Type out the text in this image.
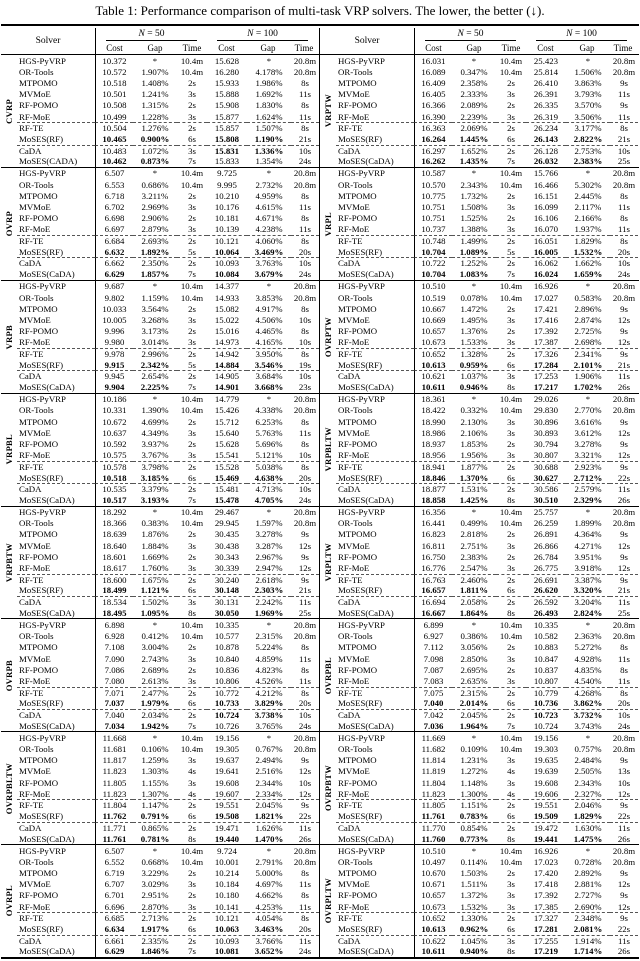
Table 1: Performance comparison of multi-task VRP solvers. The lower, the better (↓).
Solver
N = 50	N = 100
Cost	Gap	Time	Cost	Gap	Time
Solver
N = 50	N = 100
Cost	Gap	Time	Cost	Gap	Time
CVRP
HGS-PyVRP	10.372	*	10.4m	15.628	*	20.8m
OR-Tools	10.572	1.907%	10.4m	16.280	4.178%	20.8m
MTPOMO	10.518	1.408%	2s	15.933	1.986%	8s
MVMoE	10.501	1.241%	3s	15.888	1.692%	11s
RF-POMO	10.508	1.315%	2s	15.908	1.830%	8s
RF-MoE	10.499	1.228%	3s	15.877	1.624%	11s
RF-TE	10.504	1.276%	2s	15.857	1.507%	8s
MoSES(RF)	10.465	0.900%	6s	15.808	1.190%	21s
CaDA	10.483	1.072%	3s	15.831	1.336%	10s
MoSES(CADA)	10.462	0.873%	7s	15.833	1.354%	24s
VRPTW
HGS-PyVRP	16.031	*	10.4m	25.423	*	20.8m
OR-Tools	16.089	0.347%	10.4m	25.814	1.506%	20.8m
MTPOMO	16.409	2.358%	2s	26.410	3.863%	9s
MVMoE	16.405	2.333%	3s	26.391	3.793%	11s
RF-POMO	16.366	2.089%	2s	26.335	3.570%	9s
RF-MoE	16.390	2.239%	3s	26.319	3.506%	11s
RF-TE	16.363	2.069%	2s	26.234	3.177%	8s
MoSES(RF)	16.264	1.445%	6s	26.143	2.822%	21s
CaDA	16.297	1.652%	2s	26.128	2.753%	10s
MoSES(CaDA)	16.262	1.435%	7s	26.032	2.383%	25s
OVRP
HGS-PyVRP	6.507	*	10.4m	9.725	*	20.8m
OR-Tools	6.553	0.686%	10.4m	9.995	2.732%	20.8m
MTPOMO	6.718	3.211%	2s	10.210	4.959%	8s
MVMoE	6.702	2.969%	3s	10.176	4.615%	11s
RF-POMO	6.698	2.906%	2s	10.181	4.671%	8s
RF-MoE	6.697	2.879%	3s	10.139	4.238%	11s
RF-TE	6.684	2.693%	2s	10.121	4.060%	8s
MoSES(RF)	6.632	1.892%	5s	10.064	3.469%	20s
CaDA	6.662	2.350%	2s	10.093	3.763%	10s
MoSES(CaDA)	6.629	1.857%	7s	10.084	3.679%	24s
VRPL
HGS-PyVRP	10.587	*	10.4m	15.766	*	20.8m
OR-Tools	10.570	2.343%	10.4m	16.466	5.302%	20.8m
MTPOMO	10.775	1.732%	2s	16.151	2.445%	8s
MVMoE	10.751	1.508%	3s	16.099	2.117%	11s
RF-POMO	10.751	1.525%	2s	16.106	2.166%	8s
RF-MoE	10.737	1.388%	3s	16.070	1.937%	11s
RF-TE	10.748	1.499%	2s	16.051	1.829%	8s
MoSES(RF)	10.704	1.089%	5s	16.005	1.532%	20s
CaDA	10.722	1.252%	2s	16.062	1.662%	10s
MoSES(CaDA)	10.704	1.083%	7s	16.024	1.659%	24s
VRPB
HGS-PyVRP	9.687	*	10.4m	14.377	*	20.8m
OR-Tools	9.802	1.159%	10.4m	14.933	3.853%	20.8m
MTPOMO	10.033	3.564%	2s	15.082	4.917%	8s
MVMoE	10.005	3.268%	3s	15.022	4.506%	10s
RF-POMO	9.996	3.173%	2s	15.016	4.465%	8s
RF-MoE	9.980	3.014%	3s	14.973	4.165%	10s
RF-TE	9.978	2.996%	2s	14.942	3.950%	8s
MoSES(RF)	9.915	2.342%	5s	14.884	3.546%	19s
CaDA	9.945	2.654%	2s	14.905	3.684%	10s
MoSES(CaDA)	9.904	2.225%	7s	14.901	3.668%	23s
OVRPTW
HGS-PyVRP	10.510	*	10.4m	16.926	*	20.8m
OR-Tools	10.519	0.078%	10.4m	17.027	0.583%	20.8m
MTPOMO	10.667	1.472%	2s	17.421	2.896%	9s
MVMoE	10.669	1.495%	3s	17.416	2.874%	12s
RF-POMO	10.657	1.376%	2s	17.392	2.725%	9s
RF-MoE	10.673	1.533%	3s	17.387	2.698%	12s
RF-TE	10.652	1.328%	2s	17.326	2.341%	9s
MoSES(RF)	10.613	0.959%	6s	17.284	2.101%	21s
CaDA	10.621	1.037%	3s	17.253	1.906%	11s
MoSES(CaDA)	10.611	0.946%	8s	17.217	1.702%	26s
VRPBL
HGS-PyVRP	10.186	*	10.4m	14.779	*	20.8m
OR-Tools	10.331	1.390%	10.4m	15.426	4.338%	20.8m
MTPOMO	10.672	4.699%	2s	15.712	6.253%	8s
MVMoE	10.637	4.349%	3s	15.640	5.763%	11s
RF-POMO	10.592	3.937%	2s	15.628	5.696%	8s
RF-MoE	10.575	3.767%	3s	15.541	5.121%	10s
RF-TE	10.578	3.798%	2s	15.528	5.038%	8s
MoSES(RF)	10.518	3.185%	6s	15.469	4.638%	20s
CaDA	10.535	3.379%	2s	15.481	4.713%	10s
MoSES(CaDA)	10.517	3.193%	7s	15.478	4.705%	24s
VRPBLTW
HGS-PyVRP	18.361	*	10.4m	29.026	*	20.8m
OR-Tools	18.422	0.332%	10.4m	29.830	2.770%	20.8m
MTPOMO	18.990	2.130%	3s	30.896	3.616%	9s
MVMoE	18.986	2.106%	3s	30.893	3.612%	12s
RF-POMO	18.937	1.853%	2s	30.794	3.278%	9s
RF-MoE	18.956	1.956%	3s	30.807	3.321%	12s
RF-TE	18.941	1.877%	2s	30.688	2.923%	9s
MoSES(RF)	18.846	1.370%	6s	30.627	2.712%	22s
CaDA	18.877	1.531%	2s	30.586	2.579%	11s
MoSES(CaDA)	18.858	1.425%	8s	30.510	2.329%	26s
VRPBTW
HGS-PyVRP	18.292	*	10.4m	29.467	*	20.8m
OR-Tools	18.366	0.383%	10.4m	29.945	1.597%	20.8m
MTPOMO	18.639	1.876%	2s	30.435	3.278%	9s
MVMoE	18.640	1.884%	3s	30.438	3.287%	12s
RF-POMO	18.601	1.669%	2s	30.343	2.967%	9s
RF-MoE	18.617	1.760%	3s	30.339	2.947%	12s
RF-TE	18.600	1.675%	2s	30.240	2.618%	9s
MoSES(RF)	18.499	1.121%	6s	30.148	2.303%	21s
CaDA	18.534	1.502%	3s	30.131	2.242%	11s
MoSES(CaDA)	18.495	1.095%	8s	30.050	1.969%	25s
VRPLTW
HGS-PyVRP	16.356	*	10.4m	25.757	*	20.8m
OR-Tools	16.441	0.499%	10.4m	26.259	1.899%	20.8m
MTPOMO	16.823	2.818%	2s	26.891	4.364%	9s
MVMoE	16.811	2.751%	3s	26.866	4.271%	12s
RF-POMO	16.750	2.383%	2s	26.784	3.951%	9s
RF-MoE	16.776	2.547%	3s	26.775	3.918%	12s
RF-TE	16.763	2.460%	2s	26.691	3.387%	9s
MoSES(RF)	16.657	1.811%	6s	26.620	3.320%	21s
CaDA	16.694	2.058%	2s	26.592	3.204%	11s
MoSES(CaDA)	16.667	1.864%	8s	26.493	2.824%	25s
OVRPB
HGS-PyVRP	6.898	*	10.4m	10.335	*	20.8m
OR-Tools	6.928	0.412%	10.4m	10.577	2.315%	20.8m
MTPOMO	7.108	3.004%	2s	10.878	5.224%	8s
MVMoE	7.090	2.743%	3s	10.840	4.859%	11s
RF-POMO	7.086	2.689%	2s	10.836	4.823%	8s
RF-MoE	7.080	2.613%	3s	10.806	4.526%	11s
RF-TE	7.071	2.477%	2s	10.772	4.212%	8s
MoSES(RF)	7.037	1.979%	6s	10.733	3.829%	20s
CaDA	7.040	2.034%	2s	10.724	3.738%	10s
MoSES(CaDA)	7.034	1.942%	7s	10.726	3.765%	24s
OVRPBL
HGS-PyVRP	6.899	*	10.4m	10.335	*	20.8m
OR-Tools	6.927	0.386%	10.4m	10.582	2.363%	20.8m
MTPOMO	7.112	3.056%	2s	10.883	5.272%	8s
MVMoE	7.098	2.850%	3s	10.847	4.928%	11s
RF-POMO	7.087	2.695%	2s	10.837	4.835%	8s
RF-MoE	7.083	2.635%	3s	10.807	4.540%	11s
RF-TE	7.075	2.315%	2s	10.779	4.268%	8s
MoSES(RF)	7.040	2.014%	6s	10.736	3.862%	20s
CaDA	7.042	2.045%	2s	10.723	3.732%	10s
MoSES(CaDA)	7.036	1.964%	7s	10.724	3.743%	24s
OVRPBLTW
HGS-PyVRP	11.668	*	10.4m	19.156	*	20.8m
OR-Tools	11.681	0.106%	10.4m	19.305	0.767%	20.8m
MTPOMO	11.817	1.259%	3s	19.637	2.494%	9s
MVMoE	11.823	1.303%	4s	19.641	2.516%	12s
RF-POMO	11.805	1.155%	3s	19.608	2.344%	10s
RF-MoE	11.823	1.307%	4s	19.607	2.334%	12s
RF-TE	11.804	1.147%	2s	19.551	2.045%	9s
MoSES(RF)	11.762	0.791%	6s	19.508	1.821%	22s
CaDA	11.771	0.865%	2s	19.471	1.626%	11s
MoSES(CaDA)	11.761	0.781%	8s	19.440	1.470%	26s
OVRPBTW
HGS-PyVRP	11.669	*	10.4m	19.156	*	20.8m
OR-Tools	11.682	0.109%	10.4m	19.303	0.757%	20.8m
MTPOMO	11.814	1.231%	3s	19.635	2.484%	9s
MVMoE	11.819	1.272%	4s	19.639	2.505%	13s
RF-POMO	11.804	1.148%	3s	19.608	2.343%	10s
RF-MoE	11.823	1.300%	4s	19.606	2.327%	12s
RF-TE	11.805	1.151%	2s	19.551	2.046%	9s
MoSES(RF)	11.761	0.783%	6s	19.509	1.829%	22s
CaDA	11.770	0.854%	2s	19.472	1.630%	11s
MoSES(CaDA)	11.760	0.773%	8s	19.441	1.475%	26s
OVRPL
HGS-PyVRP	6.507	*	10.4m	9.724	*	20.8m
OR-Tools	6.552	0.668%	10.4m	10.001	2.791%	20.8m
MTPOMO	6.719	3.229%	2s	10.214	5.000%	8s
MVMoE	6.707	3.029%	3s	10.184	4.697%	11s
RF-POMO	6.701	2.951%	2s	10.180	4.662%	8s
RF-MoE	6.696	2.870%	3s	10.141	4.253%	11s
RF-TE	6.685	2.713%	2s	10.121	4.054%	8s
MoSES(RF)	6.634	1.917%	6s	10.063	3.463%	20s
CaDA	6.661	2.335%	2s	10.093	3.766%	11s
MoSES(CaDA)	6.629	1.846%	7s	10.081	3.652%	24s
OVRPLTW
HGS-PyVRP	10.510	*	10.4m	16.926	*	20.8m
OR-Tools	10.497	0.114%	10.4m	17.023	0.728%	20.8m
MTPOMO	10.670	1.503%	2s	17.420	2.892%	9s
MVMoE	10.671	1.511%	3s	17.418	2.881%	12s
RF-POMO	10.657	1.372%	3s	17.392	2.727%	9s
RF-MoE	10.673	1.532%	3s	17.385	2.690%	12s
RF-TE	10.652	1.330%	2s	17.327	2.348%	9s
MoSES(RF)	10.613	0.962%	6s	17.281	2.081%	22s
CaDA	10.622	1.045%	3s	17.255	1.914%	11s
MoSES(CaDA)	10.611	0.940%	8s	17.219	1.714%	26s
